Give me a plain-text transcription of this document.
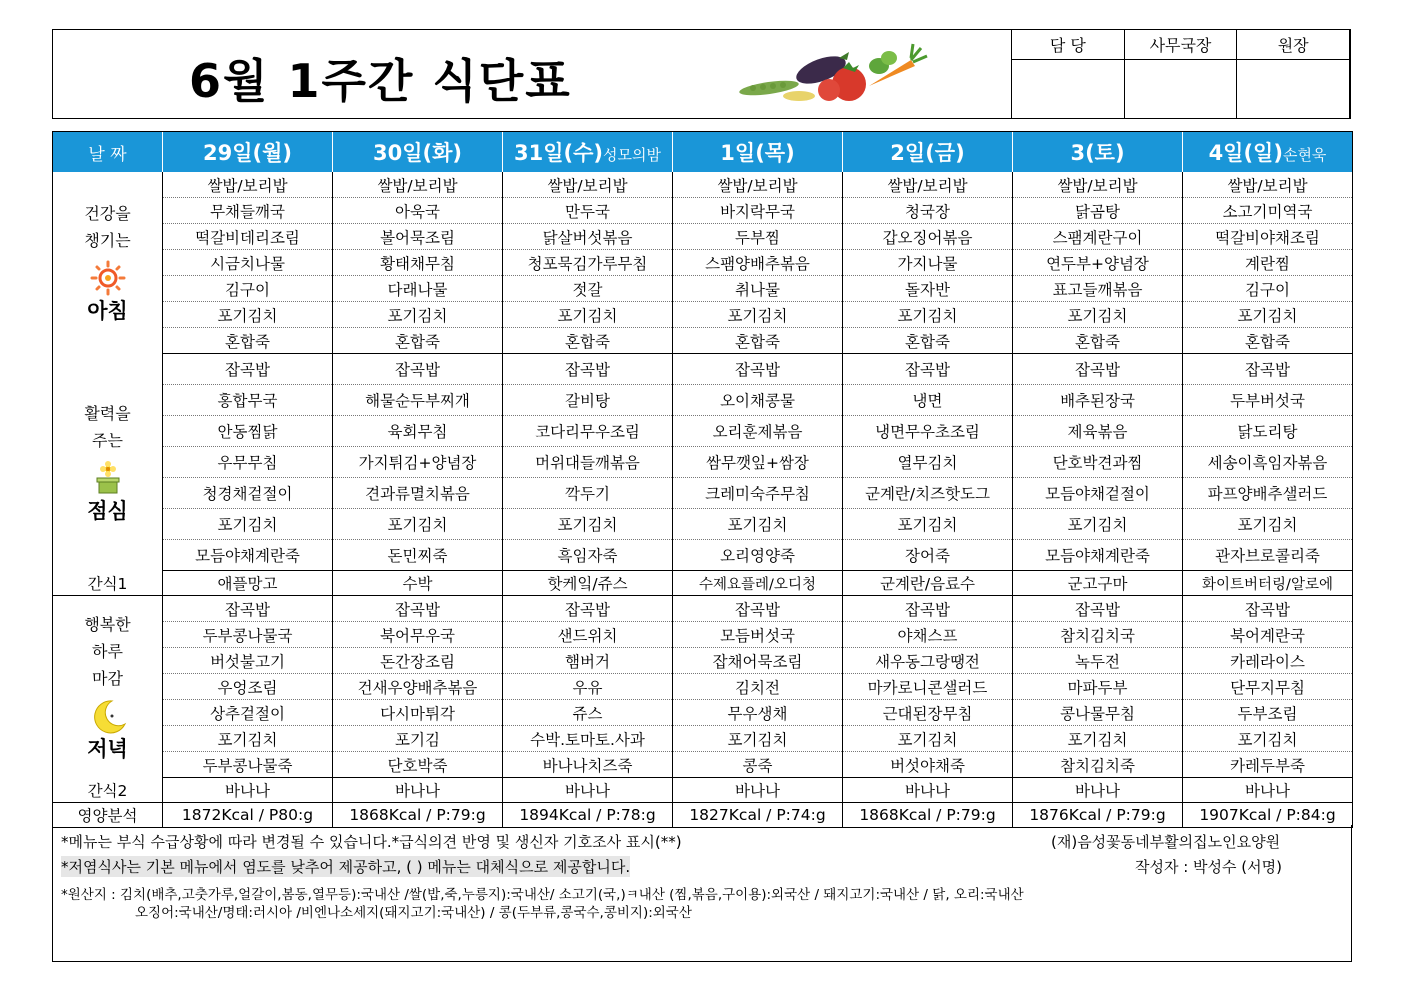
6월 1주간 식단표
담 당	사무국장	원장

날 짜	29일(월)	30일(화)	31일(수)성모의밤	1일(목)	2일(금)	3(토)	4일(일)손현욱

건강을
챙기는
아침	쌀밥/보리밥	쌀밥/보리밥	쌀밥/보리밥	쌀밥/보리밥	쌀밥/보리밥	쌀밥/보리밥	쌀밥/보리밥
	무채들깨국	아욱국	만두국	바지락무국	청국장	닭곰탕	소고기미역국
	떡갈비데리조림	볼어묵조림	닭살버섯볶음	두부찜	갑오징어볶음	스팸계란구이	떡갈비야채조림
	시금치나물	황태채무침	청포묵김가루무침	스팸양배추볶음	가지나물	연두부+양념장	계란찜
	김구이	다래나물	젓갈	취나물	돌자반	표고들깨볶음	김구이
	포기김치	포기김치	포기김치	포기김치	포기김치	포기김치	포기김치
	혼합죽	혼합죽	혼합죽	혼합죽	혼합죽	혼합죽	혼합죽

활력을
주는
점심	잡곡밥	잡곡밥	잡곡밥	잡곡밥	잡곡밥	잡곡밥	잡곡밥
	홍합무국	해물순두부찌개	갈비탕	오이채콩물	냉면	배추된장국	두부버섯국
	안동찜닭	육회무침	코다리무우조림	오리훈제볶음	냉면무우초조림	제육볶음	닭도리탕
	우무무침	가지튀김+양념장	머위대들깨볶음	쌈무깻잎+쌈장	열무김치	단호박견과찜	세송이흑임자볶음
	청경채겉절이	견과류멸치볶음	깍두기	크레미숙주무침	군계란/치즈핫도그	모듬야채겉절이	파프양배추샐러드
	포기김치	포기김치	포기김치	포기김치	포기김치	포기김치	포기김치
	모듬야채계란죽	돈민찌죽	흑임자죽	오리영양죽	장어죽	모듬야채계란죽	관자브로콜리죽
간식1	애플망고	수박	핫케잌/쥬스	수제요플레/오디청	군계란/음료수	군고구마	화이트버터링/알로에

행복한
하루
마감
저녁	잡곡밥	잡곡밥	잡곡밥	잡곡밥	잡곡밥	잡곡밥	잡곡밥
	두부콩나물국	북어무우국	샌드위치	모듬버섯국	야채스프	참치김치국	북어계란국
	버섯불고기	돈간장조림	햄버거	잡채어묵조림	새우동그랑땡전	녹두전	카레라이스
	우엉조림	건새우양배추볶음	우유	김치전	마카로니콘샐러드	마파두부	단무지무침
	상추겉절이	다시마튀각	쥬스	무우생채	근대된장무침	콩나물무침	두부조림
	포기김치	포기김	수박.토마토.사과	포기김치	포기김치	포기김치	포기김치
	두부콩나물죽	단호박죽	바나나치즈죽	콩죽	버섯야채죽	참치김치죽	카레두부죽
간식2	바나나	바나나	바나나	바나나	바나나	바나나	바나나
영양분석	1872Kcal / P80:g	1868Kcal / P:79:g	1894Kcal / P:78:g	1827Kcal / P:74:g	1868Kcal / P:79:g	1876Kcal / P:79:g	1907Kcal / P:84:g
*메뉴는 부식 수급상황에 따라 변경될 수 있습니다.*급식의견 반영 및 생신자 기호조사 표시(**)	(재)음성꽃동네부활의집노인요양원
*저염식사는 기본 메뉴에서 염도를 낮추어 제공하고, ( ) 메뉴는 대체식으로 제공합니다.	작성자 : 박성수 (서명)
*원산지 : 김치(배추,고춧가루,얼갈이,봄동,열무등):국내산 /쌀(밥,죽,누릉지):국내산/ 소고기(국,)ㅋ내산 (찜,볶음,구이용):외국산 / 돼지고기:국내산 / 닭, 오리:국내산
오징어:국내산/명태:러시아 /비엔나소세지(돼지고기:국내산) / 콩(두부류,콩국수,콩비지):외국산
